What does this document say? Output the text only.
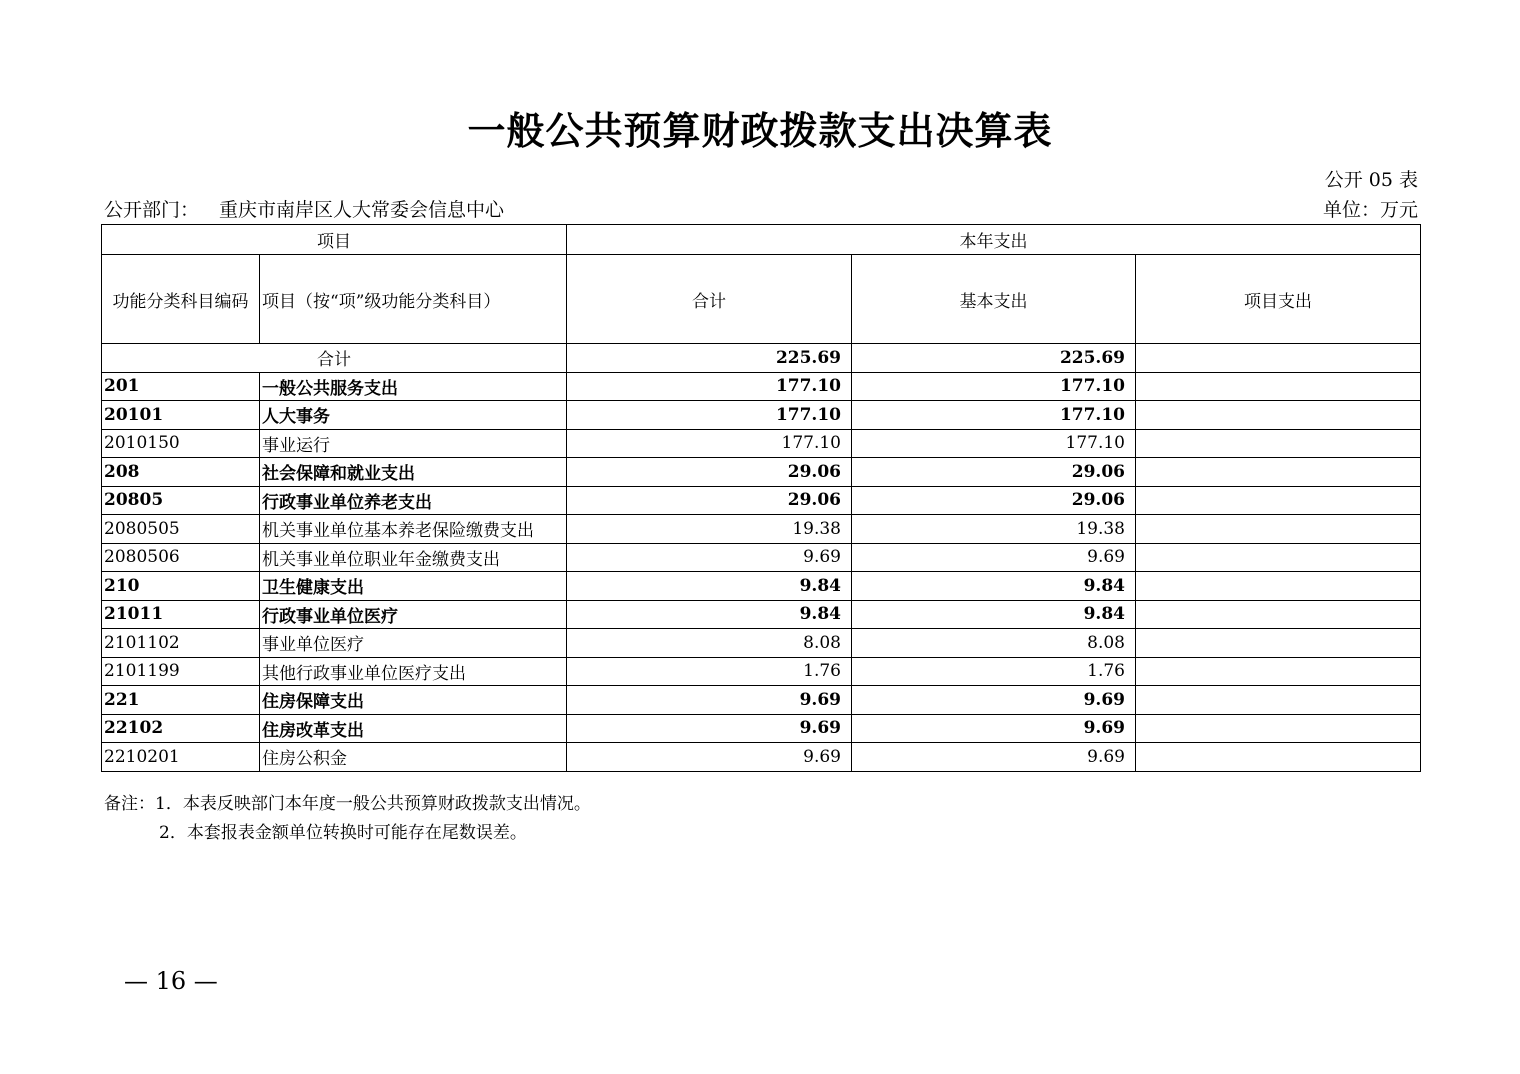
一般公共预算财政拨款支出决算表
公开 05 表
公开部门： 重庆市南岸区人大常委会信息中心	单位：万元
项目		本年支出		
功能分类科目编码	项目（按“项”级功能分类科目）	合计	基本支出	项目支出
合计		225.69	225.69	
201	一般公共服务支出	177.10	177.10	
20101	人大事务	177.10	177.10	
2010150	事业运行	177.10	177.10	
208	社会保障和就业支出	29.06	29.06	
20805	行政事业单位养老支出	29.06	29.06	
2080505	机关事业单位基本养老保险缴费支出	19.38	19.38	
2080506	机关事业单位职业年金缴费支出	9.69	9.69	
210	卫生健康支出	9.84	9.84	
21011	行政事业单位医疗	9.84	9.84	
2101102	事业单位医疗	8.08	8.08	
2101199	其他行政事业单位医疗支出	1.76	1.76	
221	住房保障支出	9.69	9.69	
22102	住房改革支出	9.69	9.69	
2210201	住房公积金	9.69	9.69	
备注：1．本表反映部门本年度一般公共预算财政拨款支出情况。
2．本套报表金额单位转换时可能存在尾数误差。
— 16 —
